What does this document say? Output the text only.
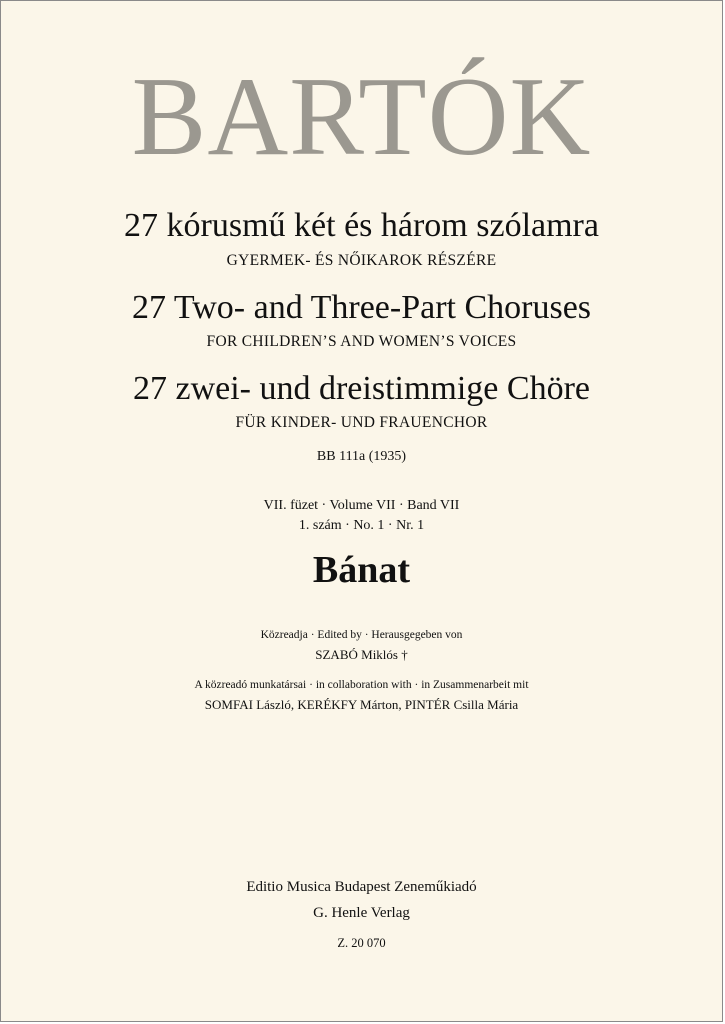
BARTÓK
27 kórusmű két és három szólamra
GYERMEK- ÉS NŐIKAROK RÉSZÉRE
27 Two- and Three-Part Choruses
FOR CHILDREN’S AND WOMEN’S VOICES
27 zwei- und dreistimmige Chöre
FÜR KINDER- UND FRAUENCHOR
BB 111a (1935)
VII. füzet · Volume VII · Band VII
1. szám · No. 1 · Nr. 1
Bánat
Közreadja · Edited by · Herausgegeben von
SZABÓ Miklós †
A közreadó munkatársai · in collaboration with · in Zusammenarbeit mit
SOMFAI László, KERÉKFY Márton, PINTÉR Csilla Mária
Editio Musica Budapest Zeneműkiadó
G. Henle Verlag
Z. 20 070
